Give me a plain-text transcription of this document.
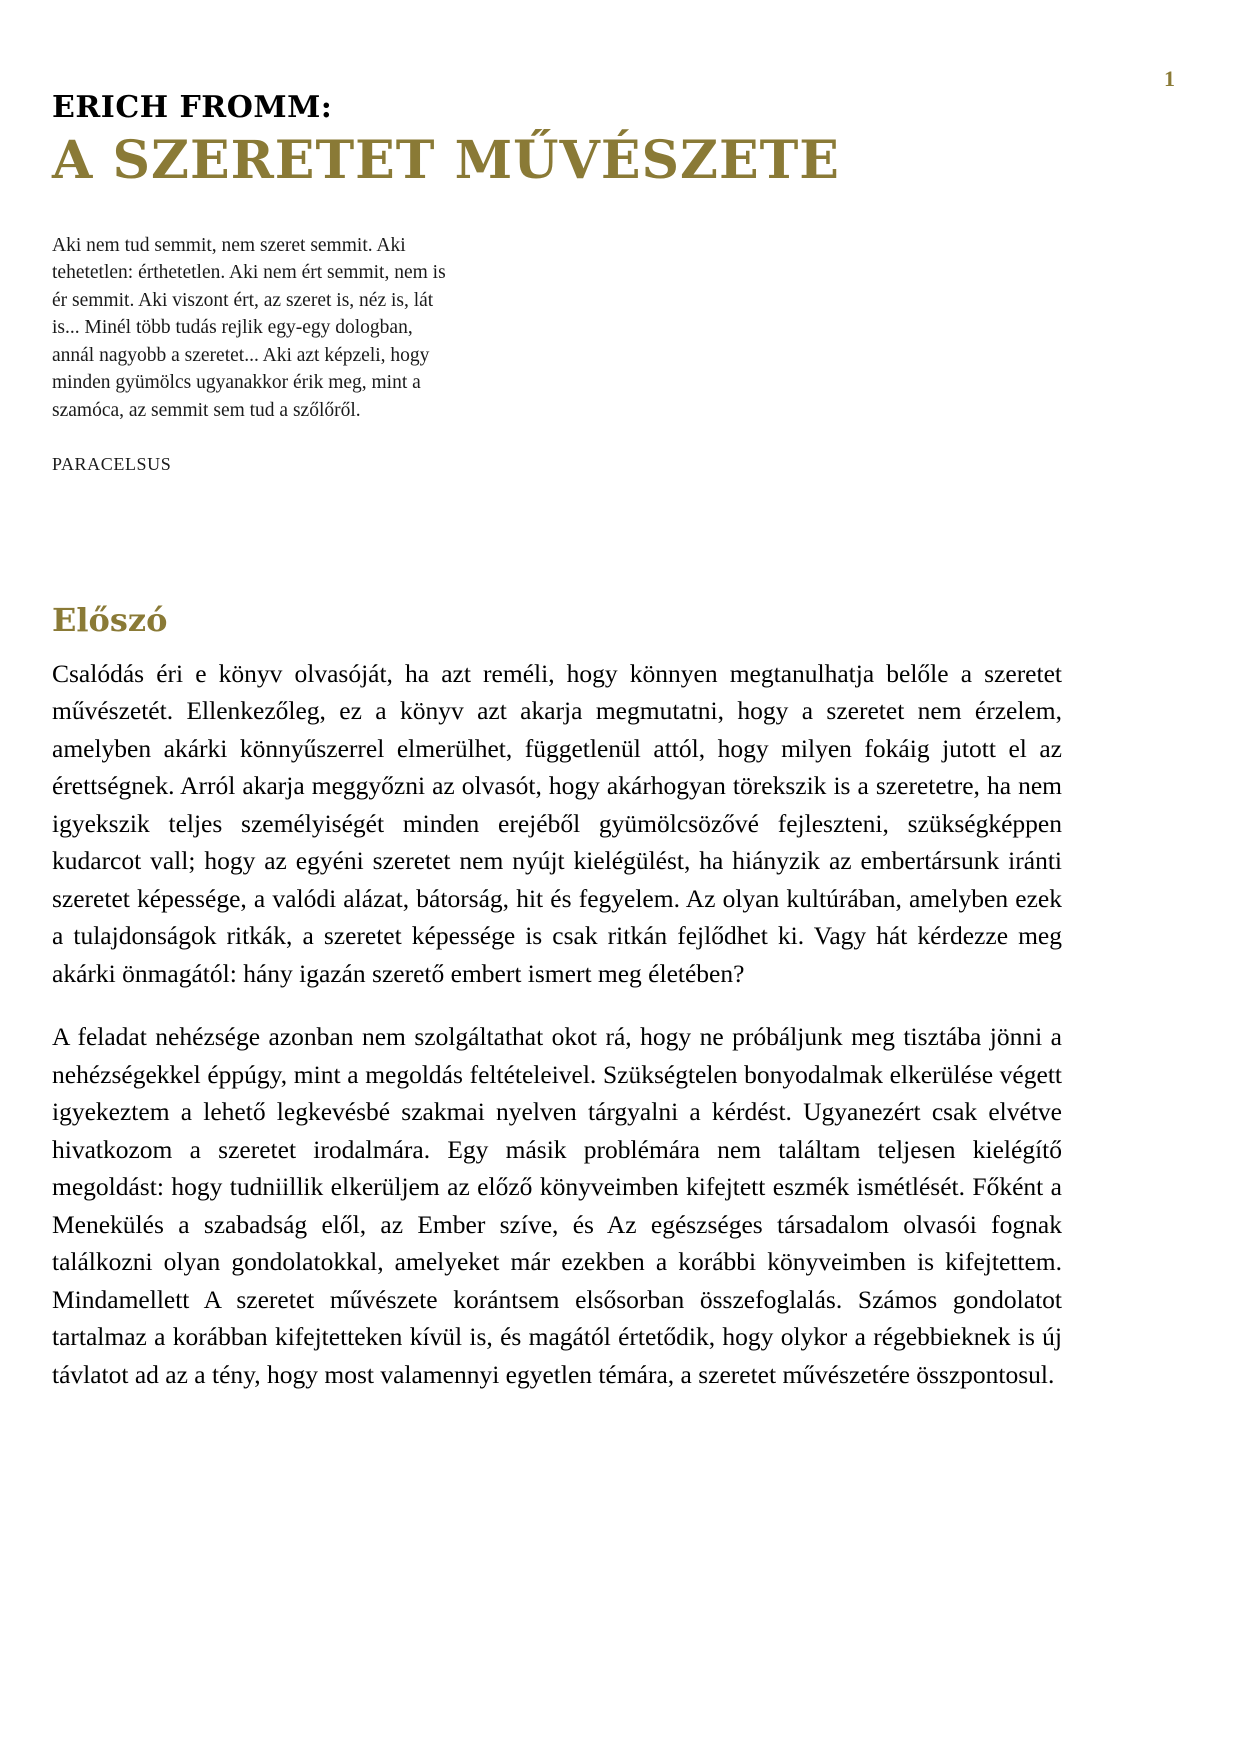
1
ERICH FROMM:
A SZERETET MŰVÉSZETE
Aki nem tud semmit, nem szeret semmit. Aki tehetetlen: érthetetlen. Aki nem ért semmit, nem is ér semmit. Aki viszont ért, az szeret is, néz is, lát is... Minél több tudás rejlik egy-egy dologban, annál nagyobb a szeretet... Aki azt képzeli, hogy minden gyümölcs ugyanakkor érik meg, mint a szamóca, az semmit sem tud a szőlőről.
PARACELSUS
Előszó

Csalódás éri e könyv olvasóját, ha azt reméli, hogy könnyen megtanulhatja belőle a szeretet művészetét. Ellenkezőleg, ez a könyv azt akarja megmutatni, hogy a szeretet nem érzelem, amelyben akárki könnyűszerrel elmerülhet, függetlenül attól, hogy milyen fokáig jutott el az érettségnek. Arról akarja meggyőzni az olvasót, hogy akárhogyan törekszik is a szeretetre, ha nem igyekszik teljes személyiségét minden erejéből gyümölcsözővé fejleszteni, szükségképpen kudarcot vall; hogy az egyéni szeretet nem nyújt kielégülést, ha hiányzik az embertársunk iránti szeretet képessége, a valódi alázat, bátorság, hit és fegyelem. Az olyan kultúrában, amelyben ezek a tulajdonságok ritkák, a szeretet képessége is csak ritkán fejlődhet ki. Vagy hát kérdezze meg akárki önmagától: hány igazán szerető embert ismert meg életében?

A feladat nehézsége azonban nem szolgáltathat okot rá, hogy ne próbáljunk meg tisztába jönni a nehézségekkel éppúgy, mint a megoldás feltételeivel. Szükségtelen bonyodalmak elkerülése végett igyekeztem a lehető legkevésbé szakmai nyelven tárgyalni a kérdést. Ugyanezért csak elvétve hivatkozom a szeretet irodalmára. Egy másik problémára nem találtam teljesen kielégítő megoldást: hogy tudniillik elkerüljem az előző könyveimben kifejtett eszmék ismétlését. Főként a Menekülés a szabadság elől, az Ember szíve, és Az egészséges társadalom olvasói fognak találkozni olyan gondolatokkal, amelyeket már ezekben a korábbi könyveimben is kifejtettem. Mindamellett A szeretet művészete korántsem elsősorban összefoglalás. Számos gondolatot tartalmaz a korábban kifejtetteken kívül is, és magától értetődik, hogy olykor a régebbieknek is új távlatot ad az a tény, hogy most valamennyi egyetlen témára, a szeretet művészetére összpontosul.
